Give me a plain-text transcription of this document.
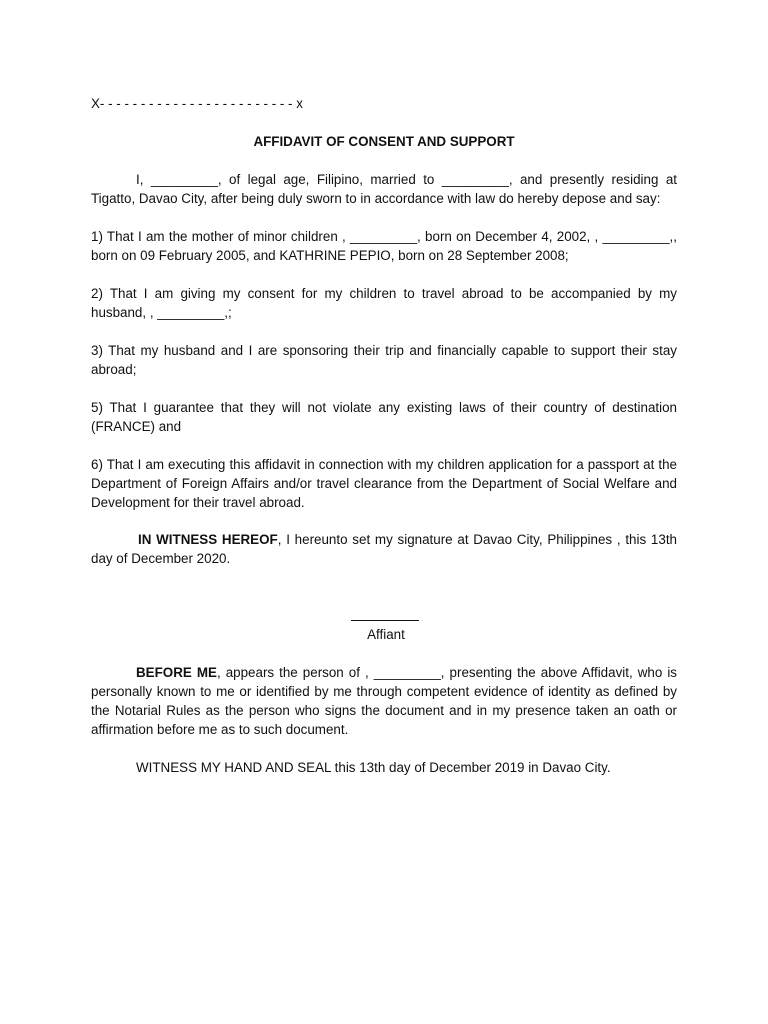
X- - - - - - - - - - - - - - - - - - - - - - - - x
AFFIDAVIT OF CONSENT AND SUPPORT
I, _________, of legal age, Filipino, married to _________, and presently residing at Tigatto, Davao City, after being duly sworn to in accordance with law do hereby depose and say:
1) That I am the mother of minor children , _________, born on December 4, 2002, , _________,, born on 09 February 2005, and KATHRINE PEPIO, born on 28 September 2008;
2) That I am giving my consent for my children to travel abroad to be accompanied by my husband, , _________,;
3) That my husband and I are sponsoring their trip and financially capable to support their stay abroad;
5) That I guarantee that they will not violate any existing laws of their country of destination (FRANCE) and
6) That I am executing this affidavit in connection with my children application for a passport at the Department of Foreign Affairs and/or travel clearance from the Department of Social Welfare and Development for their travel abroad.
IN WITNESS HEREOF, I hereunto set my signature at Davao City, Philippines , this 13th day of December 2020.
Affiant
BEFORE ME, appears the person of , _________, presenting the above Affidavit, who is personally known to me or identified by me through competent evidence of identity as defined by the Notarial Rules as the person who signs the document and in my presence taken an oath or affirmation before me as to such document.
WITNESS MY HAND AND SEAL this 13th day of December 2019 in Davao City.
